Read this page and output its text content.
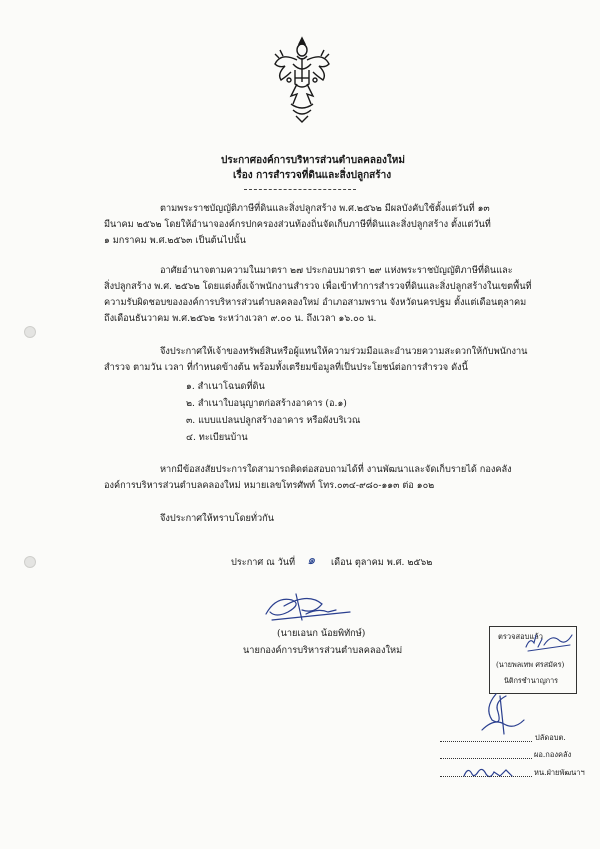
ประกาศองค์การบริหารส่วนตำบลคลองใหม่
เรื่อง การสำรวจที่ดินและสิ่งปลูกสร้าง
ตามพระราชบัญญัติภาษีที่ดินและสิ่งปลูกสร้าง พ.ศ.๒๕๖๒ มีผลบังคับใช้ตั้งแต่วันที่ ๑๓
มีนาคม ๒๕๖๒ โดยให้อำนาจองค์กรปกครองส่วนท้องถิ่นจัดเก็บภาษีที่ดินและสิ่งปลูกสร้าง ตั้งแต่วันที่
๑ มกราคม พ.ศ.๒๕๖๓ เป็นต้นไปนั้น
อาศัยอำนาจตามความในมาตรา ๒๗ ประกอบมาตรา ๒๙ แห่งพระราชบัญญัติภาษีที่ดินและ
สิ่งปลูกสร้าง พ.ศ. ๒๕๖๒ โดยแต่งตั้งเจ้าพนักงานสำรวจ เพื่อเข้าทำการสำรวจที่ดินและสิ่งปลูกสร้างในเขตพื้นที่
ความรับผิดชอบขององค์การบริหารส่วนตำบลคลองใหม่ อำเภอสามพราน จังหวัดนครปฐม ตั้งแต่เดือนตุลาคม
ถึงเดือนธันวาคม พ.ศ.๒๕๖๒ ระหว่างเวลา ๙.๐๐ น. ถึงเวลา ๑๖.๐๐ น.
จึงประกาศให้เจ้าของทรัพย์สินหรือผู้แทนให้ความร่วมมือและอำนวยความสะดวกให้กับพนักงาน
สำรวจ ตามวัน เวลา ที่กำหนดข้างต้น พร้อมทั้งเตรียมข้อมูลที่เป็นประโยชน์ต่อการสำรวจ ดังนี้
๑. สำเนาโฉนดที่ดิน
๒. สำเนาใบอนุญาตก่อสร้างอาคาร (อ.๑)
๓. แบบแปลนปลูกสร้างอาคาร หรือผังบริเวณ
๔. ทะเบียนบ้าน
หากมีข้อสงสัยประการใดสามารถติดต่อสอบถามได้ที่ งานพัฒนาและจัดเก็บรายได้ กองคลัง
องค์การบริหารส่วนตำบลคลองใหม่ หมายเลขโทรศัพท์ โทร.๐๓๔-๙๘๐-๑๑๓ ต่อ ๑๐๒
จึงประกาศให้ทราบโดยทั่วกัน
ประกาศ ณ วันที่ ๑ เดือน ตุลาคม พ.ศ. ๒๕๖๒
(นายเอนก น้อยพิทักษ์)
นายกองค์การบริหารส่วนตำบลคลองใหม่
ตรวจสอบแล้ว
(นายพลเทพ ศรสมัคร)
นิติกรชำนาญการ
ปลัดอบต.
ผอ.กองคลัง
หน.ฝ่ายพัฒนาฯ
